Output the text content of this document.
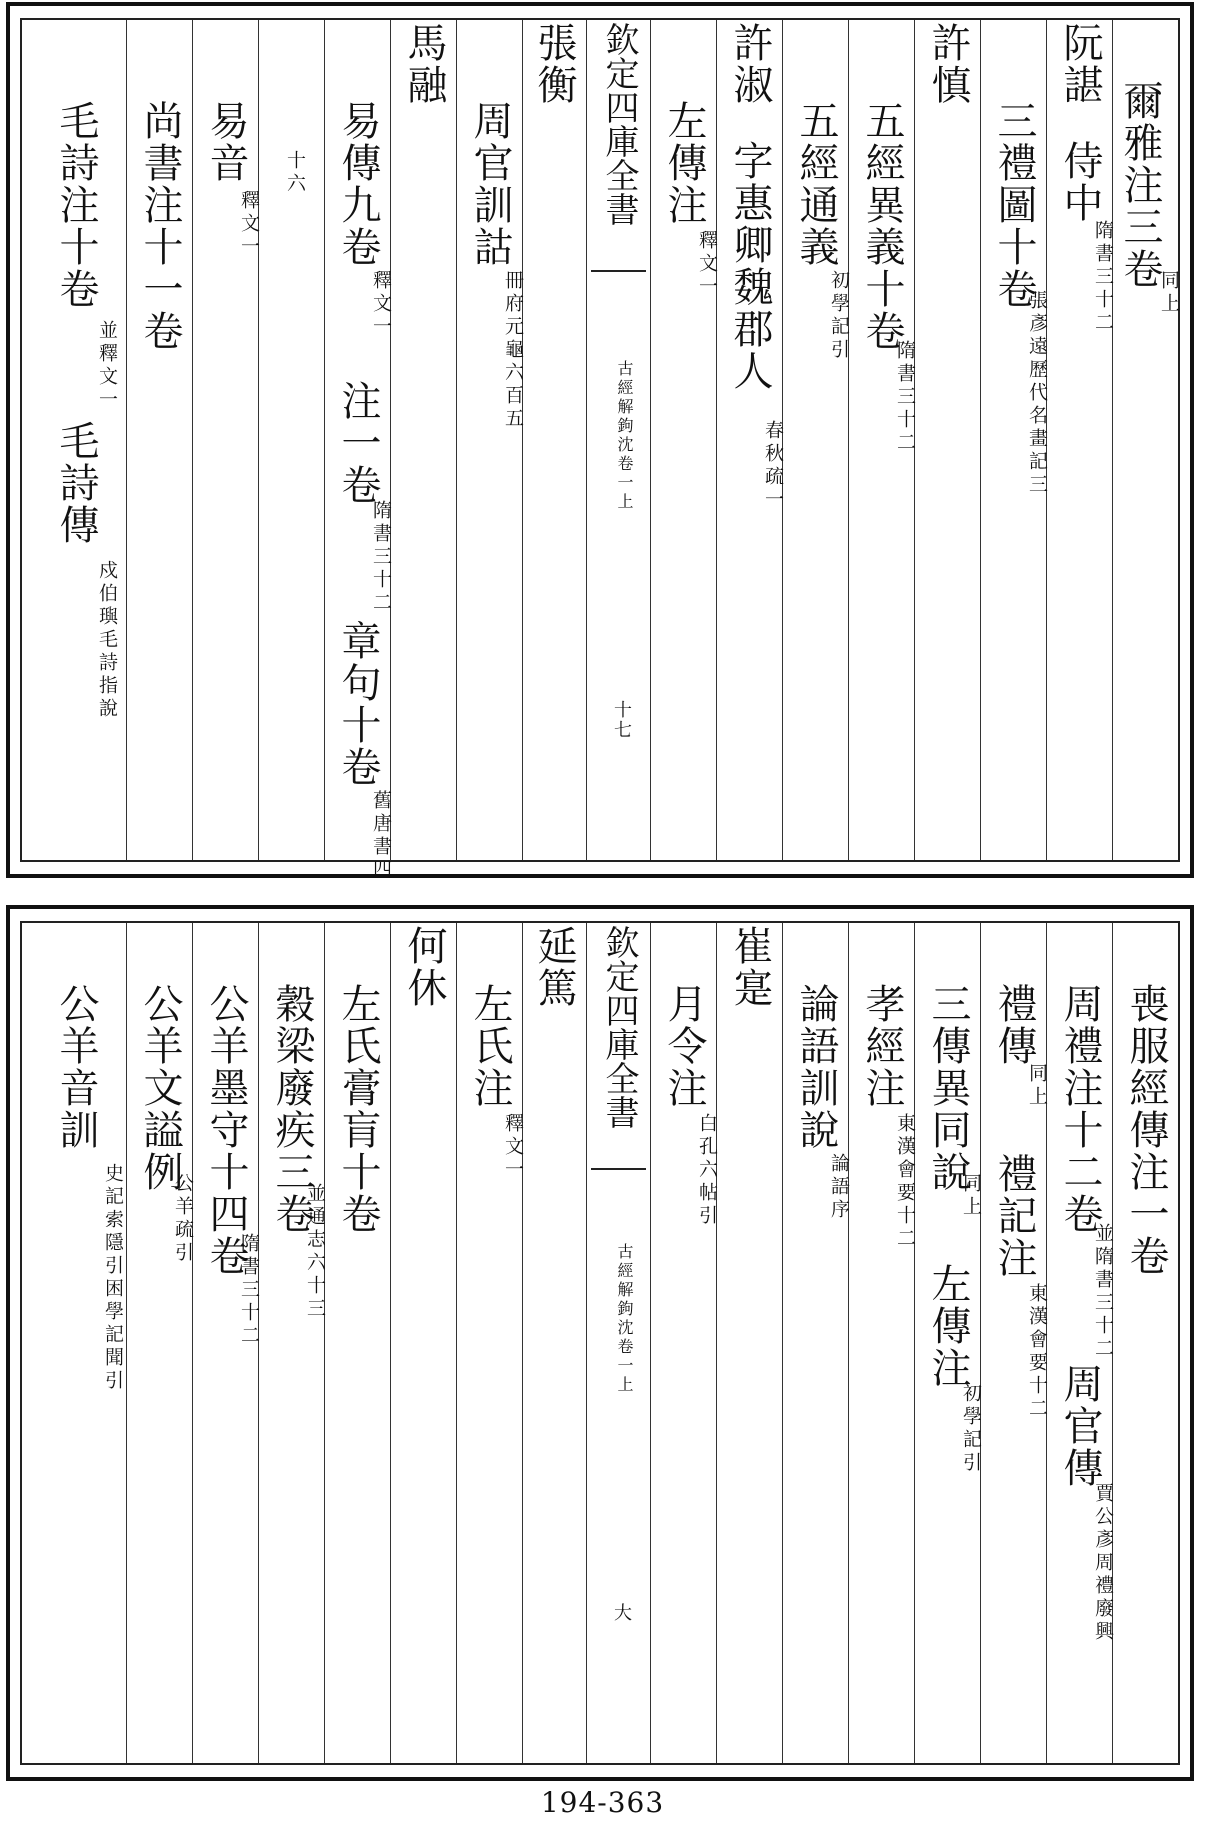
爾雅注三卷
同上
阮諶
侍中
隋書三十二
三禮圖十卷
張彥遠歷代名畫記三
許慎
五經異義十卷
隋書三十二
五經通義
初學記引
許淑
字惠卿魏郡人
春秋疏一
左傳注
釋文一
欽定四庫全書
古經解鉤沈卷一上
十七
張衡
周官訓詁
冊府元龜六百五
馬融
易傳九卷
釋文一
注一卷
隋書三十二
章句十卷
舊唐書四
十六
易音
釋文一
尚書注十一卷
毛詩注十卷
並釋文一
毛詩傳
戍伯璵毛詩指說
喪服經傳注一卷
周禮注十二卷
並隋書三十二
周官傳
賈公彥周禮廢興
禮傳
同上
禮記注
東漢會要十二
三傳異同說
同上
左傳注
初學記引
孝經注
東漢會要十二
論語訓說
論語序
崔寔
月令注
白孔六帖引
欽定四庫全書
古經解鉤沈卷一上
大
延篤
左氏注
釋文一
何休
左氏膏肓十卷
穀梁廢疾三卷
並通志六十三
公羊墨守十四卷
隋書三十二
公羊文謚例
公羊疏引
公羊音訓
史記索隱引困學記聞引
194-363
